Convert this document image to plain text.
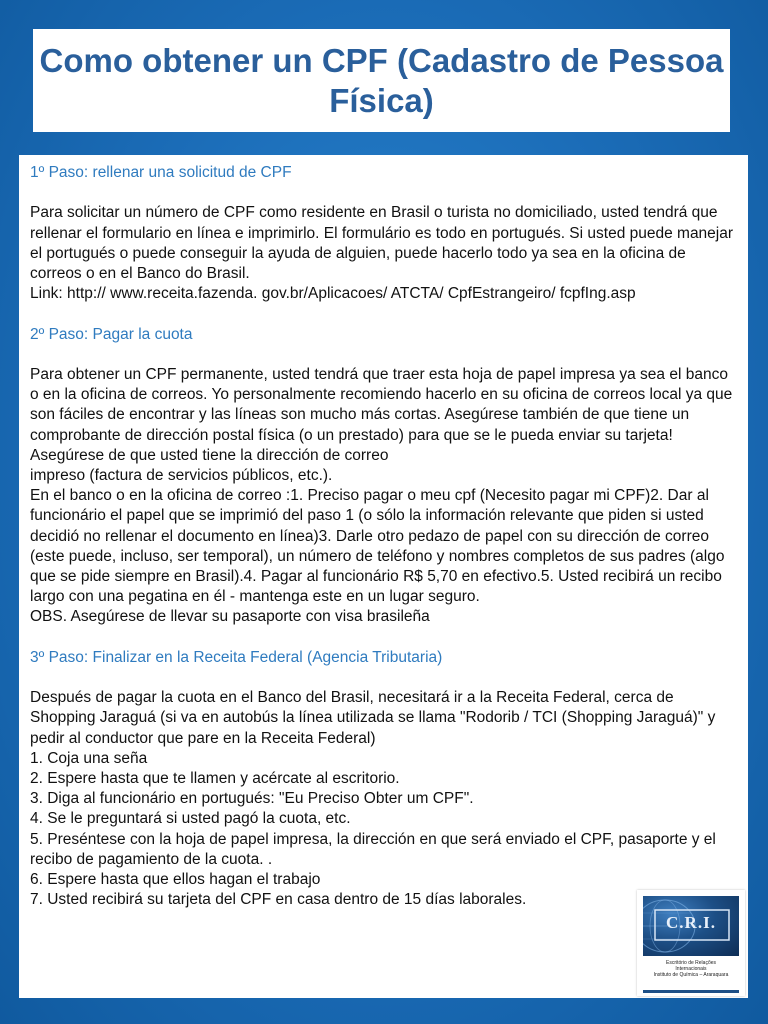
Como obtener un CPF (Cadastro de Pessoa Física)

1º Paso: rellenar una solicitud de CPF

Para solicitar un número de CPF como residente en Brasil o turista no domiciliado, usted tendrá que rellenar el formulario en línea e imprimirlo. El formulário es todo en portugués. Si usted puede manejar el portugués o puede conseguir la ayuda de alguien, puede hacerlo todo ya sea en la oficina de correos o en el Banco do Brasil.

Link: http:// www.receita.fazenda. gov.br/Aplicacoes/ ATCTA/ CpfEstrangeiro/ fcpfIng.asp

2º Paso: Pagar la cuota

Para obtener un CPF permanente, usted tendrá que traer esta hoja de papel impresa ya sea el banco o en la oficina de correos. Yo personalmente recomiendo hacerlo en su oficina de correos local ya que son fáciles de encontrar y las líneas son mucho más cortas. Asegúrese también de que tiene un comprobante de dirección postal física (o un prestado) para que se le pueda enviar su tarjeta! Asegúrese de que usted tiene la dirección de correo

impreso (factura de servicios públicos, etc.).

En el banco o en la oficina de correo :1. Preciso pagar o meu cpf (Necesito pagar mi CPF)2. Dar al funcionário el papel que se imprimió del paso 1 (o sólo la información relevante que piden si usted decidió no rellenar el documento en línea)3. Darle otro pedazo de papel con su dirección de correo (este puede, incluso, ser temporal), un número de teléfono y nombres completos de sus padres (algo que se pide siempre en Brasil).4. Pagar al funcionário R$ 5,70 en efectivo.5. Usted recibirá un recibo largo con una pegatina en él - mantenga este en un lugar seguro.

OBS. Asegúrese de llevar su pasaporte con visa brasileña

3º Paso: Finalizar en la Receita Federal (Agencia Tributaria)

Después de pagar la cuota en el Banco del Brasil, necesitará ir a la Receita Federal, cerca de Shopping Jaraguá (si va en autobús la línea utilizada se llama "Rodorib / TCI (Shopping Jaraguá)" y pedir al conductor que pare en la Receita Federal)

1. Coja una seña

2. Espere hasta que te llamen y acércate al escritorio.

3. Diga al funcionário en portugués: "Eu Preciso Obter um CPF".

4. Se le preguntará si usted pagó la cuota, etc.

5. Preséntese con la hoja de papel impresa, la dirección en que será enviado el CPF, pasaporte y el recibo de pagamiento de la cuota. .

6. Espere hasta que ellos hagan el trabajo

7. Usted recibirá su tarjeta del CPF en casa dentro de 15 días laborales.

C.R.I.
Escritório de Relações
Internacionais
Instituto de Química – Araraquara
